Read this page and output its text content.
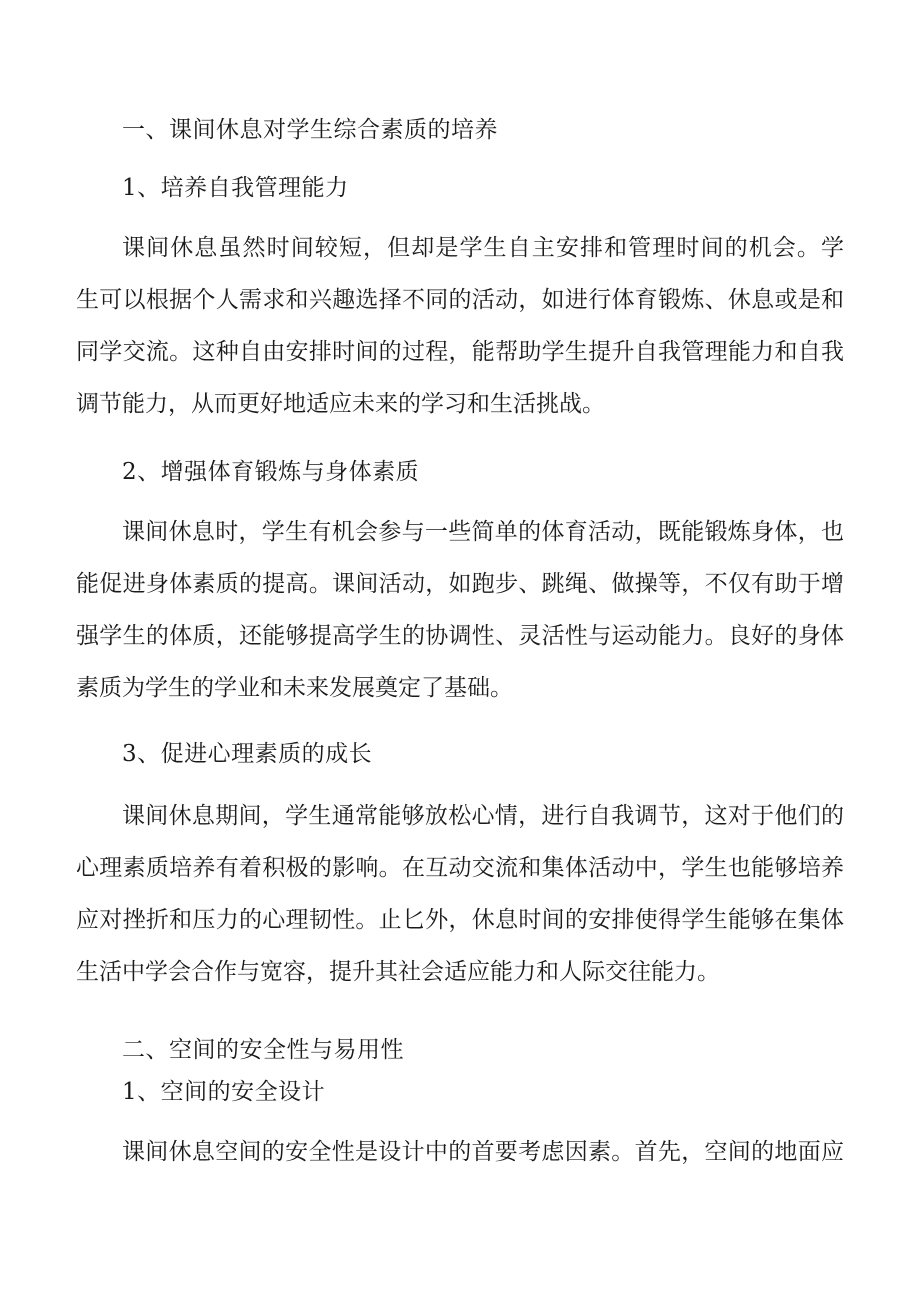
一、课间休息对学生综合素质的培养
1、培养自我管理能力
课间休息虽然时间较短，但却是学生自主安排和管理时间的机会。学
生可以根据个人需求和兴趣选择不同的活动，如进行体育锻炼、休息或是和
同学交流。这种自由安排时间的过程，能帮助学生提升自我管理能力和自我
调节能力，从而更好地适应未来的学习和生活挑战。
2、增强体育锻炼与身体素质
课间休息时，学生有机会参与一些简单的体育活动，既能锻炼身体，也
能促进身体素质的提高。课间活动，如跑步、跳绳、做操等，不仅有助于增
强学生的体质，还能够提高学生的协调性、灵活性与运动能力。良好的身体
素质为学生的学业和未来发展奠定了基础。
3、促进心理素质的成长
课间休息期间，学生通常能够放松心情，进行自我调节，这对于他们的
心理素质培养有着积极的影响。在互动交流和集体活动中，学生也能够培养
应对挫折和压力的心理韧性。止匕外，休息时间的安排使得学生能够在集体
生活中学会合作与宽容，提升其社会适应能力和人际交往能力。
二、空间的安全性与易用性
1、空间的安全设计
课间休息空间的安全性是设计中的首要考虑因素。首先，空间的地面应
